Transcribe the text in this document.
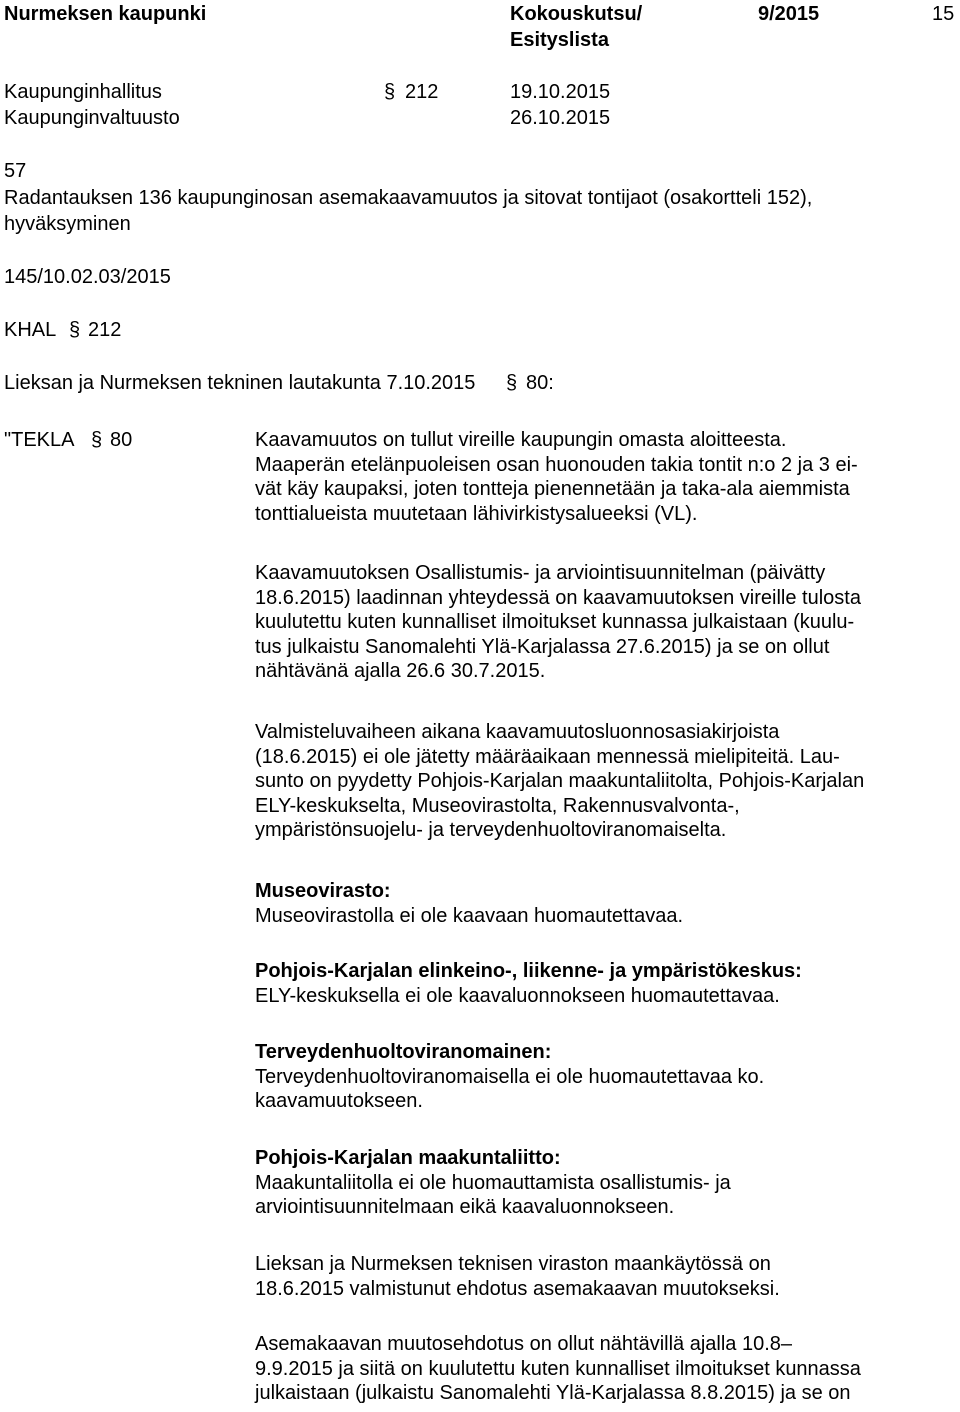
Nurmeksen kaupunki	Kokouskutsu/
Esityslista
9/2015	15
Kaupunginhallitus	§ 212	19.10.2015
Kaupunginvaltuusto	26.10.2015
57
Radantauksen 136 kaupunginosan asemakaavamuutos ja sitovat tontijaot (osakortteli 152),
hyväksyminen
145/10.02.03/2015
KHAL § 212
Lieksan ja Nurmeksen tekninen lautakunta 7.10.2015 § 80:
"TEKLA § 80	Kaavamuutos on tullut vireille kaupungin omasta aloitteesta.

Maaperän etelänpuoleisen osan huonouden takia tontit n:o 2 ja 3 ei-

vät käy kaupaksi, joten tontteja pienennetään ja taka-ala aiemmista

tonttialueista muutetaan lähivirkistysalueeksi (VL).

Kaavamuutoksen Osallistumis- ja arviointisuunnitelman (päivätty

18.6.2015) laadinnan yhteydessä on kaavamuutoksen vireille tulosta

kuulutettu kuten kunnalliset ilmoitukset kunnassa julkaistaan (kuulu-

tus julkaistu Sanomalehti Ylä-Karjalassa 27.6.2015) ja se on ollut

nähtävänä ajalla 26.6 30.7.2015.

Valmisteluvaiheen aikana kaavamuutosluonnosasiakirjoista

(18.6.2015) ei ole jätetty määräaikaan mennessä mielipiteitä. Lau-

sunto on pyydetty Pohjois-Karjalan maakuntaliitolta, Pohjois-Karjalan

ELY-keskukselta, Museovirastolta, Rakennusvalvonta-,

ympäristönsuojelu- ja terveydenhuoltoviranomaiselta.

Museovirasto:

Museovirastolla ei ole kaavaan huomautettavaa.

Pohjois-Karjalan elinkeino-, liikenne- ja ympäristökeskus:

ELY-keskuksella ei ole kaavaluonnokseen huomautettavaa.

Terveydenhuoltoviranomainen:

Terveydenhuoltoviranomaisella ei ole huomautettavaa ko.

kaavamuutokseen.

Pohjois-Karjalan maakuntaliitto:

Maakuntaliitolla ei ole huomauttamista osallistumis- ja

arviointisuunnitelmaan eikä kaavaluonnokseen.

Lieksan ja Nurmeksen teknisen viraston maankäytössä on

18.6.2015 valmistunut ehdotus asemakaavan muutokseksi.

Asemakaavan muutosehdotus on ollut nähtävillä ajalla 10.8–

9.9.2015 ja siitä on kuulutettu kuten kunnalliset ilmoitukset kunnassa

julkaistaan (julkaistu Sanomalehti Ylä-Karjalassa 8.8.2015) ja se on
